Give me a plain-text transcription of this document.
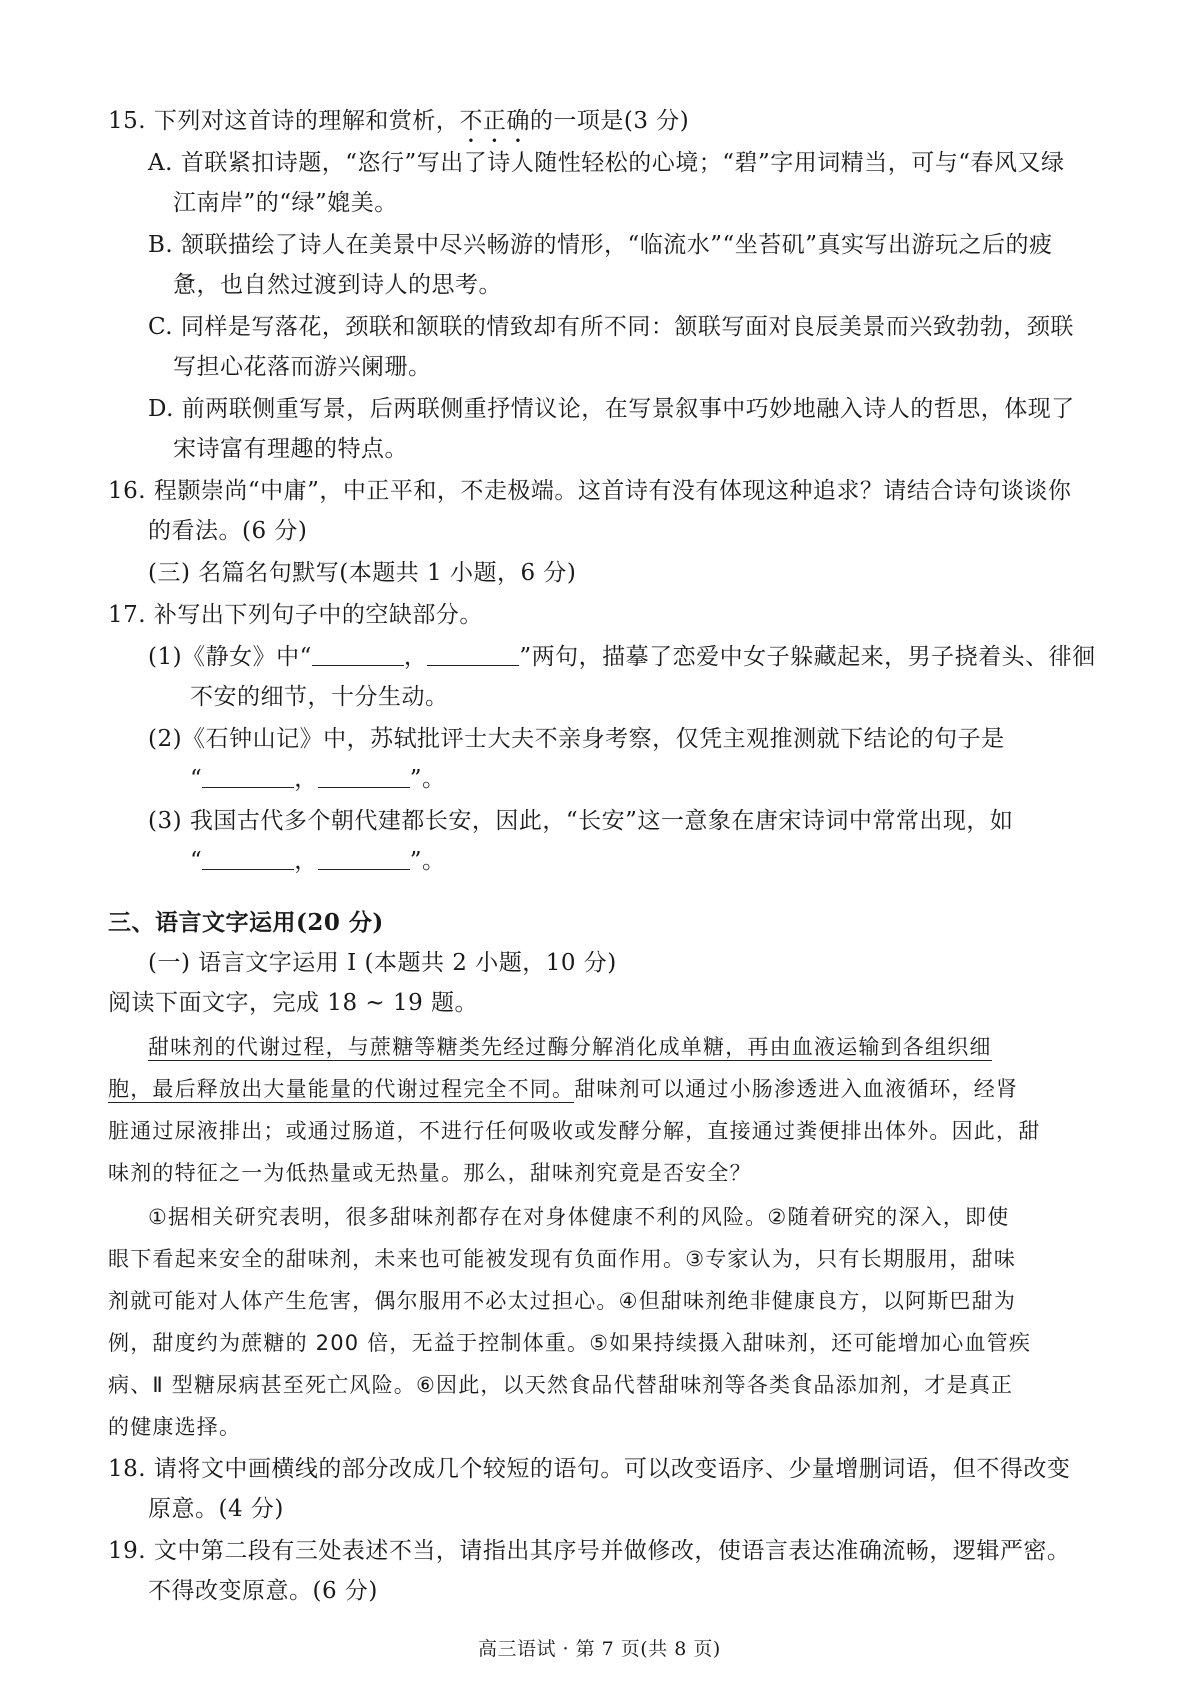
15. 下列对这首诗的理解和赏析，不正确的一项是(3 分)
A. 首联紧扣诗题，“恣行”写出了诗人随性轻松的心境；“碧”字用词精当，可与“春风又绿
江南岸”的“绿”媲美。
B. 颔联描绘了诗人在美景中尽兴畅游的情形，“临流水”“坐苔矶”真实写出游玩之后的疲
惫，也自然过渡到诗人的思考。
C. 同样是写落花，颈联和颔联的情致却有所不同：颔联写面对良辰美景而兴致勃勃，颈联
写担心花落而游兴阑珊。
D. 前两联侧重写景，后两联侧重抒情议论，在写景叙事中巧妙地融入诗人的哲思，体现了
宋诗富有理趣的特点。
16. 程颢崇尚“中庸”，中正平和，不走极端。这首诗有没有体现这种追求？请结合诗句谈谈你
的看法。(6 分)
(三) 名篇名句默写(本题共 1 小题，6 分)
17. 补写出下列句子中的空缺部分。
(1)《静女》中“	，	”两句，描摹了恋爱中女子躲藏起来，男子挠着头、徘徊
不安的细节，十分生动。
(2)《石钟山记》中，苏轼批评士大夫不亲身考察，仅凭主观推测就下结论的句子是
“	，	”。
(3) 我国古代多个朝代建都长安，因此，“长安”这一意象在唐宋诗词中常常出现，如
“	，	”。
三、语言文字运用(20 分)
(一) 语言文字运用 Ⅰ (本题共 2 小题，10 分)
阅读下面文字，完成 18 ~ 19 题。
甜味剂的代谢过程，与蔗糖等糖类先经过酶分解消化成单糖，再由血液运输到各组织细
胞，最后释放出大量能量的代谢过程完全不同。甜味剂可以通过小肠渗透进入血液循环，经肾
脏通过尿液排出；或通过肠道，不进行任何吸收或发酵分解，直接通过粪便排出体外。因此，甜
味剂的特征之一为低热量或无热量。那么，甜味剂究竟是否安全？
①据相关研究表明，很多甜味剂都存在对身体健康不利的风险。②随着研究的深入，即使
眼下看起来安全的甜味剂，未来也可能被发现有负面作用。③专家认为，只有长期服用，甜味
剂就可能对人体产生危害，偶尔服用不必太过担心。④但甜味剂绝非健康良方，以阿斯巴甜为
例，甜度约为蔗糖的 200 倍，无益于控制体重。⑤如果持续摄入甜味剂，还可能增加心血管疾
病、Ⅱ 型糖尿病甚至死亡风险。⑥因此，以天然食品代替甜味剂等各类食品添加剂，才是真正
的健康选择。
18. 请将文中画横线的部分改成几个较短的语句。可以改变语序、少量增删词语，但不得改变
原意。(4 分)
19. 文中第二段有三处表述不当，请指出其序号并做修改，使语言表达准确流畅，逻辑严密。
不得改变原意。(6 分)
高三语试 · 第 7 页(共 8 页)
